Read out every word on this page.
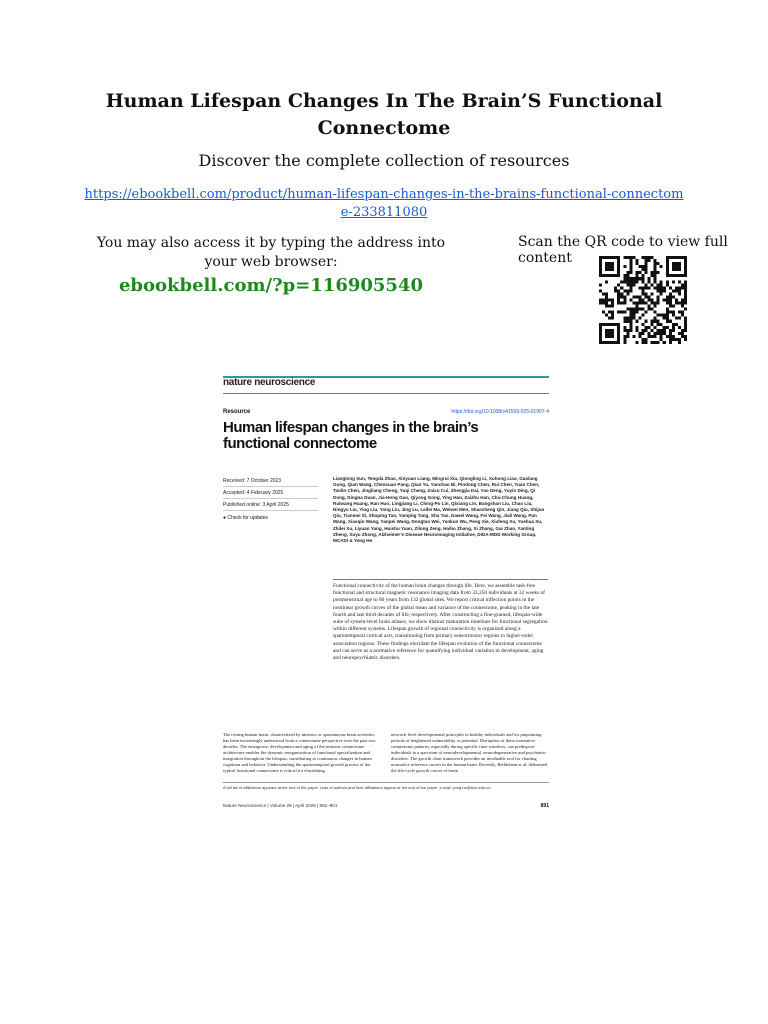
Human Lifespan Changes In The Brain’S Functional Connectome
Discover the complete collection of resources
https://ebookbell.com/product/human-lifespan-changes-in-the-brains-functional-connectome-233811080
You may also access it by typing the address into your web browser:
ebookbell.com/?p=116905540
Scan the QR code to view full content
nature neuroscience
Resource	https://doi.org/10.1038/s41593-025-01907-4
Human lifespan changes in the brain’s functional connectome
Received: 7 October 2023
Accepted: 4 February 2025
Published online: 3 April 2025
● Check for updates
Lianglong Sun, Tengda Zhao, Xinyuan Liang, Mingrui Xia, Qiongling Li, Xuhong Liao, Gaolang Gong, Qian Wang, Chenxuan Pang, Qian Yu, Yanchao Bi, Pindong Chen, Rui Chen, Yuan Chen, Taolin Chen, Jingliang Cheng, Yuqi Cheng, Zaixu Cui, Zhengjia Dai, Yao Deng, Yuyin Ding, Qi Dong, Dingna Duan, Jia-Hong Gao, Qiyong Gong, Ying Han, Zaizhu Han, Chu-Chung Huang, Ruiwang Huang, Ran Huo, Lingjiang Li, Ching-Po Lin, Qixiang Lin, Bangshan Liu, Chao Liu, Ningyu Liu, Ying Liu, Yong Liu, Jing Lu, Leilei Ma, Weiwei Men, Shaozheng Qin, Jiang Qiu, Shijun Qiu, Tianmei Si, Shuping Tan, Yanqing Tang, Sha Tao, Dawei Wang, Fei Wang, Jiali Wang, Pan Wang, Xiaoqin Wang, Yanpei Wang, Dongtao Wei, Yankun Wu, Peng Xie, Xiufeng Xu, Yuehua Xu, Zhilei Xu, Liyuan Yang, Huishu Yuan, Zilong Zeng, Haibo Zhang, Xi Zhang, Gai Zhao, Yanting Zheng, Suyu Zhong, Alzheimer’s Disease Neuroimaging Initiative, DIDA-MDD Working Group, MCADI & Yong He
Functional connectivity of the human brain changes through life. Here, we assemble task-free functional and structural magnetic resonance imaging data from 33,250 individuals at 32 weeks of postmenstrual age to 80 years from 132 global sites. We report critical inflection points in the nonlinear growth curves of the global mean and variance of the connectome, peaking in the late fourth and late third decades of life, respectively. After constructing a fine-grained, lifespan-wide suite of system-level brain atlases, we show distinct maturation timelines for functional segregation within different systems. Lifespan growth of regional connectivity is organized along a spatiotemporal cortical axis, transitioning from primary sensorimotor regions to higher-order association regions. These findings elucidate the lifespan evolution of the functional connectome and can serve as a normative reference for quantifying individual variation in development, aging and neuropsychiatric disorders.
The resting human brain, characterized by intrinsic or spontaneous brain activities, has been increasingly understood from a connectome perspective over the past two decades. The emergence, development and aging of the intrinsic connectome architecture enables the dynamic reorganization of functional specialization and integration throughout the lifespan, contributing to continuous changes in human cognition and behavior. Understanding the spatiotemporal growth process of the typical functional connectome is critical for elucidating
network-level developmental principles in healthy individuals and for pinpointing periods of heightened vulnerability or potential. Disruption of these normative connectome patterns, especially during specific time windows, can predispose individuals to a spectrum of neurodevelopmental, neurodegenerative and psychiatric disorders. The growth chart framework provides an invaluable tool for charting normative reference curves in the human brain. Recently, Bethlehem et al. delineated the life-cycle growth curves of brain
A full list of affiliations appears at the end of the paper. Lists of authors and their affiliations appear at the end of the paper. e-mail: yong.he@bnu.edu.cn
Nature Neuroscience | Volume 28 | April 2025 | 891–901	891
